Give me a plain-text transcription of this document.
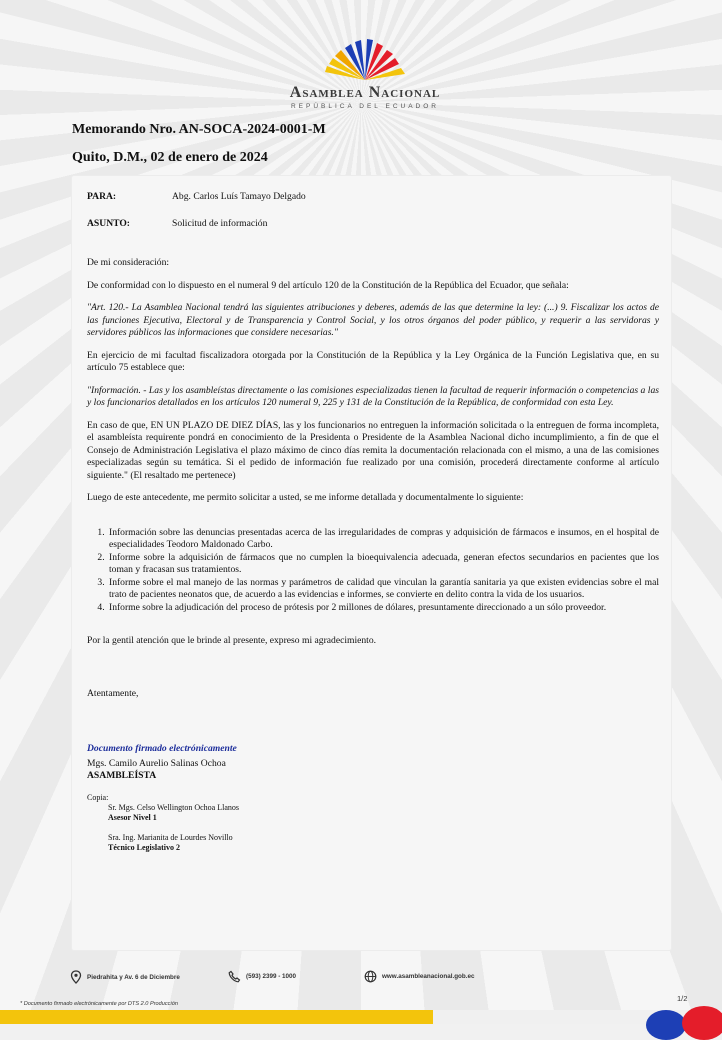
Asamblea Nacional
REPÚBLICA DEL ECUADOR
Memorando Nro. AN-SOCA-2024-0001-M
Quito, D.M., 02 de enero de 2024
PARA:	Abg. Carlos Luís Tamayo Delgado
ASUNTO:	Solicitud de información

De mi consideración:

De conformidad con lo dispuesto en el numeral 9 del artículo 120 de la Constitución de la República del Ecuador, que señala:

"Art. 120.- La Asamblea Nacional tendrá las siguientes atribuciones y deberes, además de las que determine la ley: (...) 9. Fiscalizar los actos de las funciones Ejecutiva, Electoral y de Transparencia y Control Social, y los otros órganos del poder público, y requerir a las servidoras y servidores públicos las informaciones que considere necesarias."

En ejercicio de mi facultad fiscalizadora otorgada por la Constitución de la República y la Ley Orgánica de la Función Legislativa que, en su artículo 75 establece que:

"Información. - Las y los asambleístas directamente o las comisiones especializadas tienen la facultad de requerir información o competencias a las y los funcionarios detallados en los artículos 120 numeral 9, 225 y 131 de la Constitución de la República, de conformidad con esta Ley.

En caso de que, EN UN PLAZO DE DIEZ DÍAS, las y los funcionarios no entreguen la información solicitada o la entreguen de forma incompleta, el asambleísta requirente pondrá en conocimiento de la Presidenta o Presidente de la Asamblea Nacional dicho incumplimiento, a fin de que el Consejo de Administración Legislativa el plazo máximo de cinco días remita la documentación relacionada con el mismo, a una de las comisiones especializadas según su temática. Si el pedido de información fue realizado por una comisión, procederá directamente conforme al artículo siguiente." (El resaltado me pertenece)

Luego de este antecedente, me permito solicitar a usted, se me informe detallada y documentalmente lo siguiente:

1. Información sobre las denuncias presentadas acerca de las irregularidades de compras y adquisición de fármacos e insumos, en el hospital de especialidades Teodoro Maldonado Carbo.
2. Informe sobre la adquisición de fármacos que no cumplen la bioequivalencia adecuada, generan efectos secundarios en pacientes que los toman y fracasan sus tratamientos.
3. Informe sobre el mal manejo de las normas y parámetros de calidad que vinculan la garantía sanitaria ya que existen evidencias sobre el mal trato de pacientes neonatos que, de acuerdo a las evidencias e informes, se convierte en delito contra la vida de los usuarios.
4. Informe sobre la adjudicación del proceso de prótesis por 2 millones de dólares, presuntamente direccionado a un sólo proveedor.

Por la gentil atención que le brinde al presente, expreso mi agradecimiento.

Atentamente,

Documento firmado electrónicamente

Mgs. Camilo Aurelio Salinas Ochoa

ASAMBLEÍSTA

Copia:

Sr. Mgs. Celso Wellington Ochoa Llanos

Asesor Nivel 1

Sra. Ing. Marianita de Lourdes Novillo

Técnico Legislativo 2

Piedrahita y Av. 6 de Diciembre	(593) 2399 - 1000	www.asambleanacional.gob.ec
* Documento firmado electrónicamente por DTS 2.0 Producción
1/2
